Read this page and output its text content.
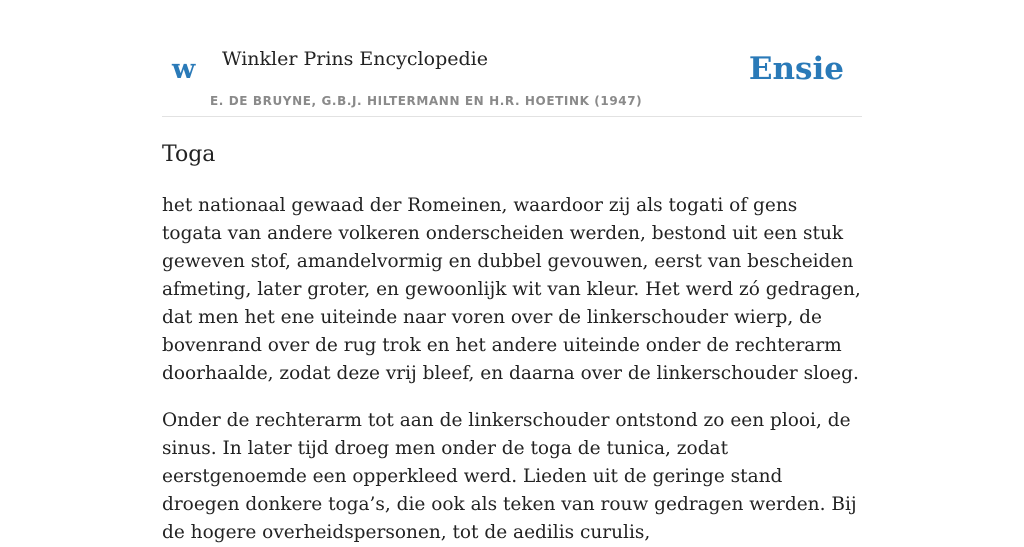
w Winkler Prins Encyclopedie
E. DE BRUYNE, G.B.J. HILTERMANN EN H.R. HOETINK (1947)
Ensie
Toga

het nationaal gewaad der Romeinen, waardoor zij als togati of gens togata van andere volkeren onderscheiden werden, bestond uit een stuk geweven stof, amandelvormig en dubbel gevouwen, eerst van bescheiden afmeting, later groter, en gewoonlijk wit van kleur. Het werd zó gedragen, dat men het ene uiteinde naar voren over de linkerschouder wierp, de bovenrand over de rug trok en het andere uiteinde onder de rechterarm doorhaalde, zodat deze vrij bleef, en daarna over de linkerschouder sloeg.

Onder de rechterarm tot aan de linkerschouder ontstond zo een plooi, de sinus. In later tijd droeg men onder de toga de tunica, zodat eerstgenoemde een opperkleed werd. Lieden uit de geringe stand droegen donkere toga’s, die ook als teken van rouw gedragen werden. Bij de hogere overheidspersonen, tot de aedilis curulis,
